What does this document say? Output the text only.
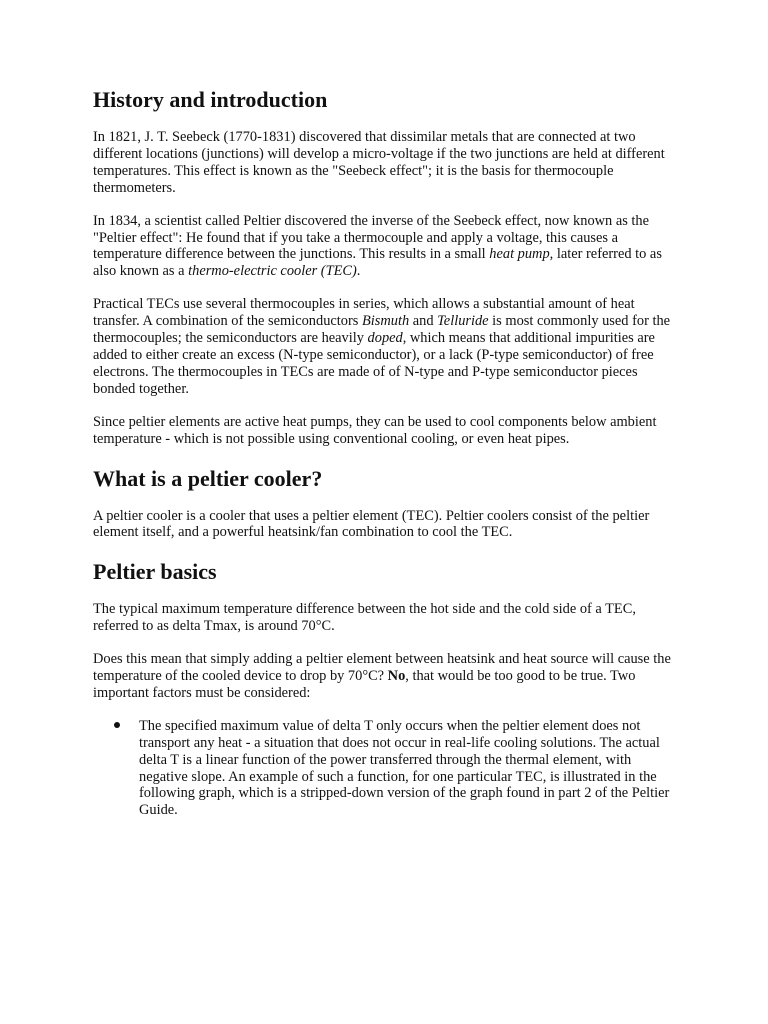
History and introduction

In 1821, J. T. Seebeck (1770-1831) discovered that dissimilar metals that are connected at two different locations (junctions) will develop a micro-voltage if the two junctions are held at different temperatures. This effect is known as the "Seebeck effect"; it is the basis for thermocouple thermometers.

In 1834, a scientist called Peltier discovered the inverse of the Seebeck effect, now known as the "Peltier effect": He found that if you take a thermocouple and apply a voltage, this causes a temperature difference between the junctions. This results in a small heat pump, later referred to as also known as a thermo-electric cooler (TEC).

Practical TECs use several thermocouples in series, which allows a substantial amount of heat transfer. A combination of the semiconductors Bismuth and Telluride is most commonly used for the thermocouples; the semiconductors are heavily doped, which means that additional impurities are added to either create an excess (N-type semiconductor), or a lack (P-type semiconductor) of free electrons. The thermocouples in TECs are made of of N-type and P-type semiconductor pieces bonded together.

Since peltier elements are active heat pumps, they can be used to cool components below ambient temperature - which is not possible using conventional cooling, or even heat pipes.

What is a peltier cooler?

A peltier cooler is a cooler that uses a peltier element (TEC). Peltier coolers consist of the peltier element itself, and a powerful heatsink/fan combination to cool the TEC.

Peltier basics

The typical maximum temperature difference between the hot side and the cold side of a TEC, referred to as delta Tmax, is around 70°C.

Does this mean that simply adding a peltier element between heatsink and heat source will cause the temperature of the cooled device to drop by 70°C? No, that would be too good to be true. Two important factors must be considered:

The specified maximum value of delta T only occurs when the peltier element does not transport any heat - a situation that does not occur in real-life cooling solutions. The actual delta T is a linear function of the power transferred through the thermal element, with negative slope. An example of such a function, for one particular TEC, is illustrated in the following graph, which is a stripped-down version of the graph found in part 2 of the Peltier Guide.
